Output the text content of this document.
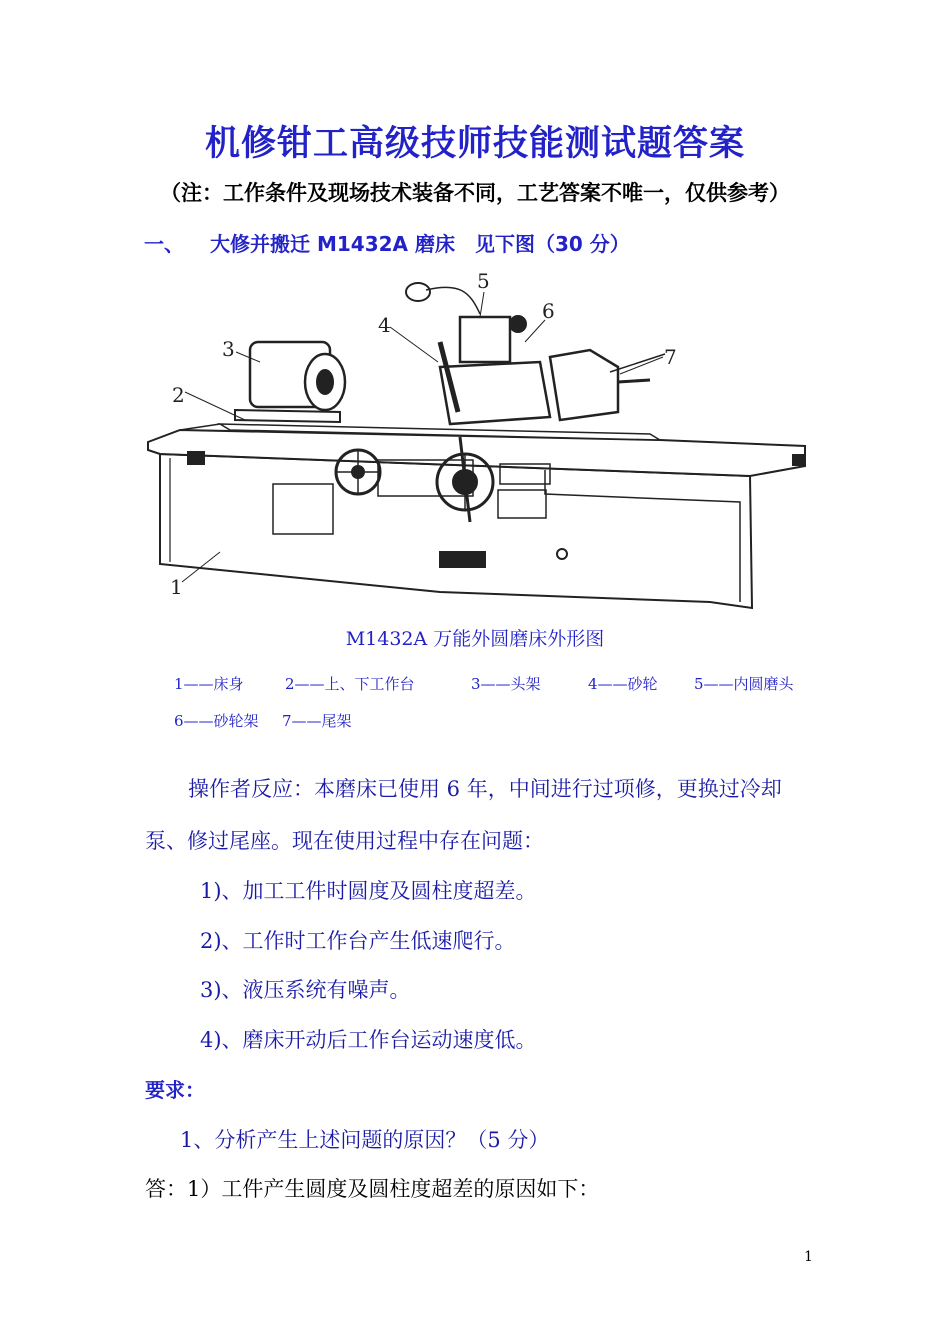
机修钳工高级技师技能测试题答案
（注：工作条件及现场技术装备不同，工艺答案不唯一，仅供参考）
一、 大修并搬迁 M1432A 磨床　见下图（30 分）
1
2
3
4
5
6
7
M1432A 万能外圆磨床外形图
1——床身	2——上、下工作台	3——头架	4——砂轮 5——内圆磨头
6——砂轮架 7——尾架
操作者反应：本磨床已使用 6 年，中间进行过项修，更换过冷却
泵、修过尾座。现在使用过程中存在问题：
1)、加工工件时圆度及圆柱度超差。
2)、工作时工作台产生低速爬行。
3)、液压系统有噪声。
4)、磨床开动后工作台运动速度低。
要求：
1、分析产生上述问题的原因？（5 分）
答：1）工件产生圆度及圆柱度超差的原因如下：
1
